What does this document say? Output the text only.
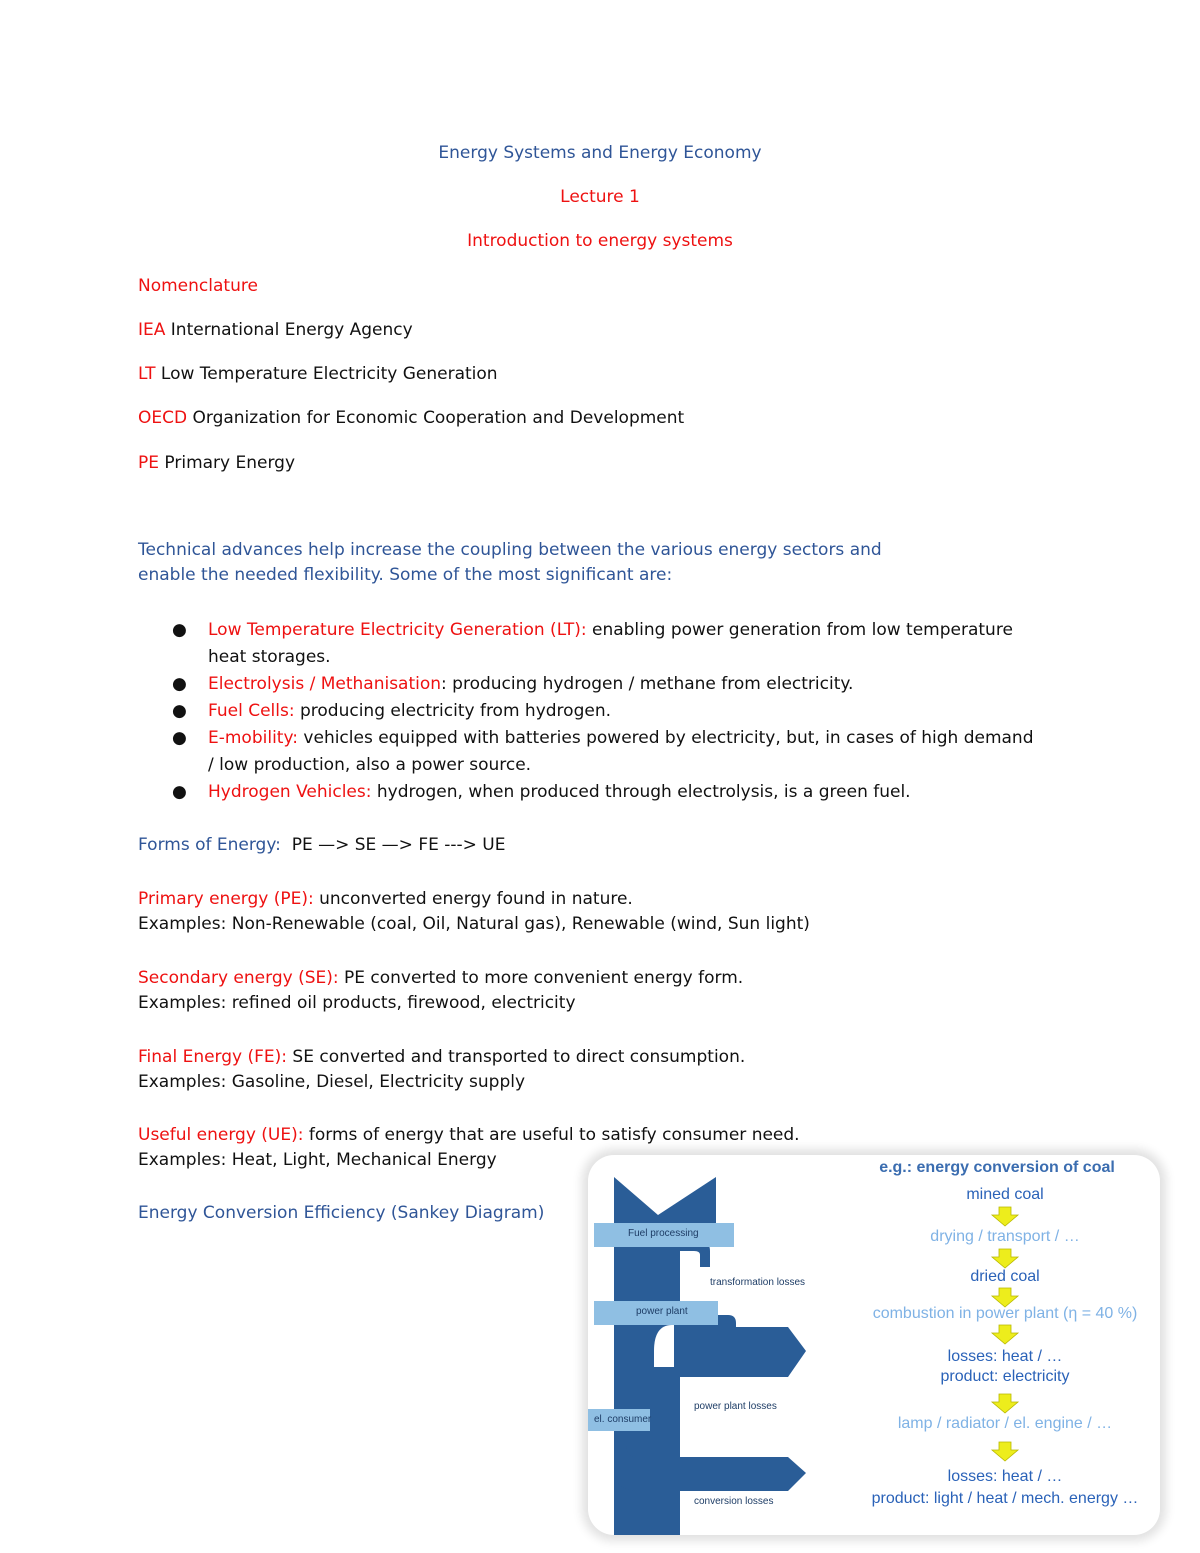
Energy Systems and Energy Economy
Lecture 1
Introduction to energy systems
Nomenclature
IEA International Energy Agency
LT Low Temperature Electricity Generation
OECD Organization for Economic Cooperation and Development
PE Primary Energy
Technical advances help increase the coupling between the various energy sectors and
enable the needed flexibility. Some of the most significant are:
● Low Temperature Electricity Generation (LT): enabling power generation from low temperature
heat storages.
● Electrolysis / Methanisation: producing hydrogen / methane from electricity.
● Fuel Cells: producing electricity from hydrogen.
● E-mobility: vehicles equipped with batteries powered by electricity, but, in cases of high demand
/ low production, also a power source.
● Hydrogen Vehicles: hydrogen, when produced through electrolysis, is a green fuel.
Forms of Energy:  PE —> SE —> FE ---> UE
Primary energy (PE): unconverted energy found in nature.
Examples: Non-Renewable (coal, Oil, Natural gas), Renewable (wind, Sun light)
Secondary energy (SE): PE converted to more convenient energy form.
Examples: refined oil products, firewood, electricity
Final Energy (FE): SE converted and transported to direct consumption.
Examples: Gasoline, Diesel, Electricity supply
Useful energy (UE): forms of energy that are useful to satisfy consumer need.
Examples: Heat, Light, Mechanical Energy
Energy Conversion Efficiency (Sankey Diagram)
Fuel processing
transformation losses
power plant
power plant losses
el. consumer
conversion losses
e.g.: energy conversion of coal
mined coal
drying / transport / …
dried coal
combustion in power plant (η = 40 %)
losses: heat / …
product: electricity
lamp / radiator / el. engine / …
losses: heat / …
product: light / heat / mech. energy …
